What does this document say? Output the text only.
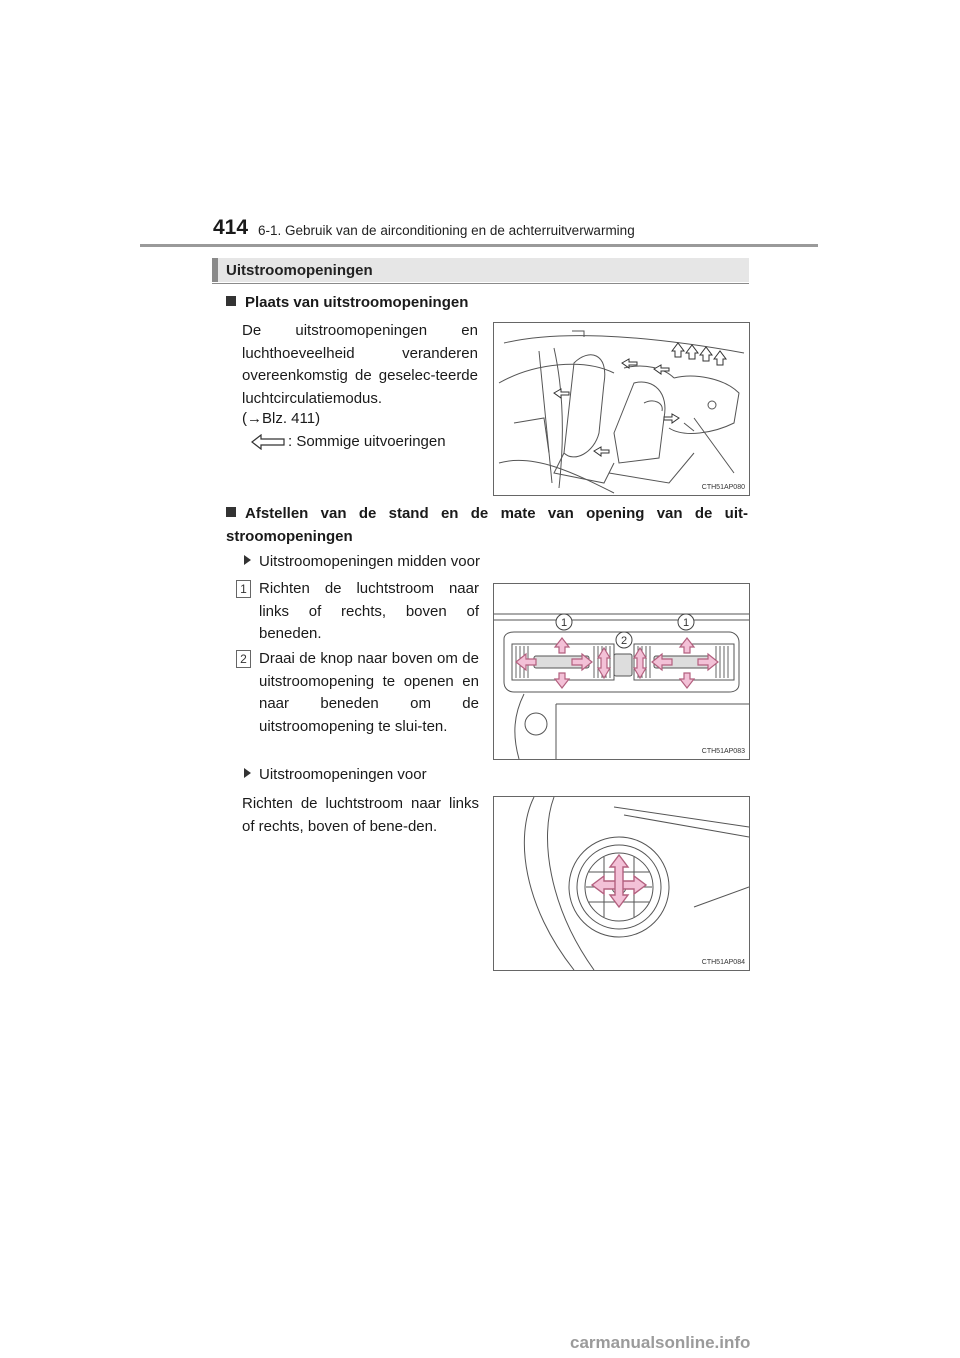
414 6-1. Gebruik van de airconditioning en de achterruitverwarming
Uitstroomopeningen
Plaats van uitstroomopeningen
De uitstroomopeningen en luchthoeveelheid veranderen overeenkomstig de geselec-teerde luchtcirculatiemodus.
(→Blz. 411)
: Sommige uitvoeringen
CTH51AP080
Afstellen van de stand en de mate van opening van de uit-stroomopeningen
Uitstroomopeningen midden voor
1 Richten de luchtstroom naar links of rechts, boven of beneden.
2 Draai de knop naar boven om de uitstroomopening te openen en naar beneden om de uitstroomopening te slui-ten.
1
2
1
CTH51AP083
Uitstroomopeningen voor
Richten de luchtstroom naar links of rechts, boven of bene-den.
CTH51AP084
carmanualsonline.info
